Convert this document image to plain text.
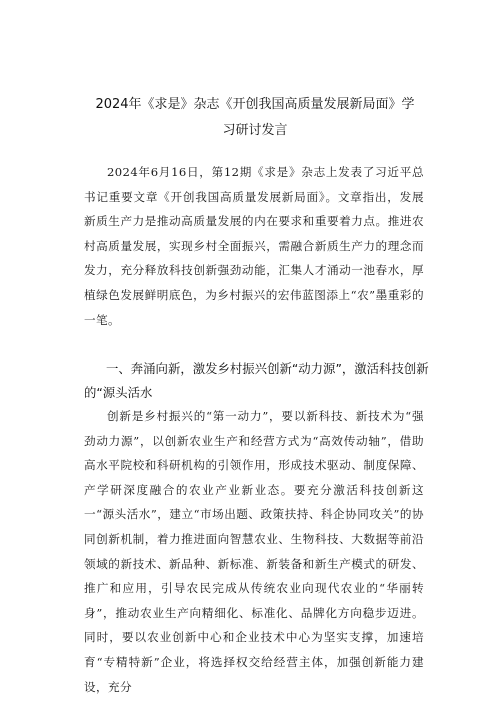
2024年《求是》杂志《开创我国高质量发展新局面》学习研讨发言
2024年6月16日，第12期《求是》杂志上发表了习近平总书记重要文章《开创我国高质量发展新局面》。文章指出，发展新质生产力是推动高质量发展的内在要求和重要着力点。推进农村高质量发展，实现乡村全面振兴，需融合新质生产力的理念而发力，充分释放科技创新强劲动能，汇集人才涌动一池春水，厚植绿色发展鲜明底色，为乡村振兴的宏伟蓝图添上“农”墨重彩的一笔。
一、奔涌向新，激发乡村振兴创新“动力源”，激活科技创新的“源头活水
创新是乡村振兴的“第一动力”，要以新科技、新技术为“强劲动力源”，以创新农业生产和经营方式为“高效传动轴”，借助高水平院校和科研机构的引领作用，形成技术驱动、制度保障、产学研深度融合的农业产业新业态。要充分激活科技创新这一“源头活水”，建立“市场出题、政策扶持、科企协同攻关”的协同创新机制，着力推进面向智慧农业、生物科技、大数据等前沿领域的新技术、新品种、新标准、新装备和新生产模式的研发、推广和应用，引导农民完成从传统农业向现代农业的“华丽转身”，推动农业生产向精细化、标准化、品牌化方向稳步迈进。同时，要以农业创新中心和企业技术中心为坚实支撑，加速培育“专精特新”企业，将选择权交给经营主体，加强创新能力建设，充分
